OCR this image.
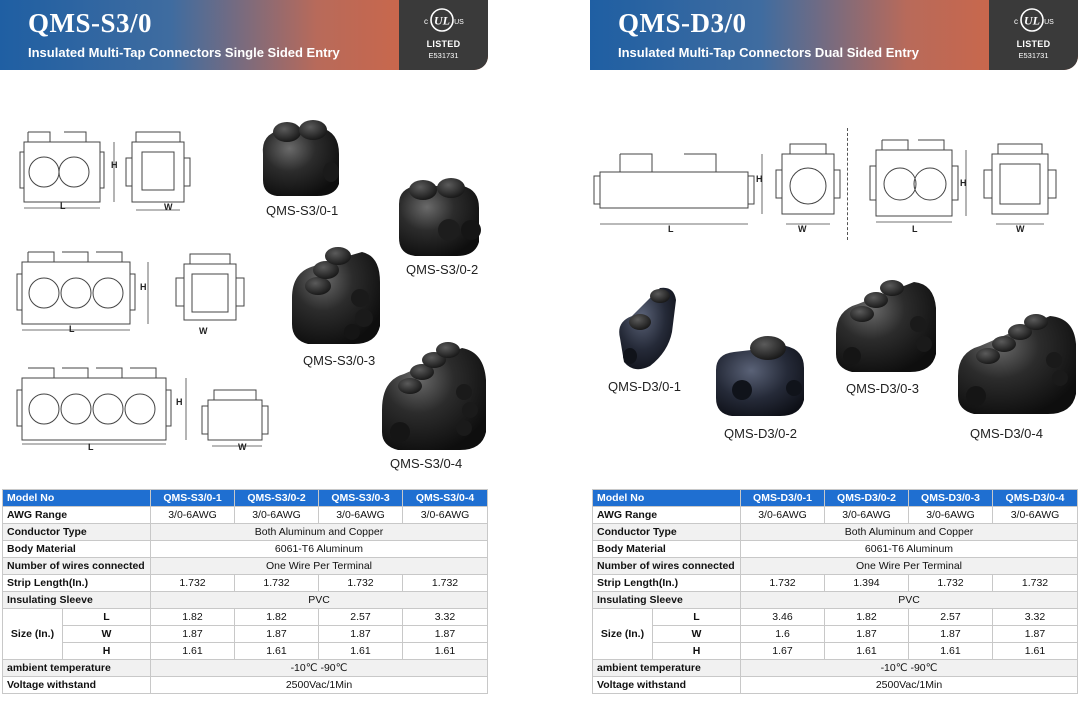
QMS-S3/0
Insulated Multi-Tap Connectors Single Sided Entry
UL
c	US
LISTED
E531731
L
H
W
L
H
W
L
H
W
QMS-S3/0-1
QMS-S3/0-2
QMS-S3/0-3
QMS-S3/0-4
Model No		QMS-S3/0-1	QMS-S3/0-2	QMS-S3/0-3	QMS-S3/0-4
AWG Range		3/0-6AWG	3/0-6AWG	3/0-6AWG	3/0-6AWG
Conductor Type		Both Aluminum and Copper			
Body Material		6061-T6 Aluminum			
Number of wires connected		One Wire Per Terminal			
Strip Length(In.)		1.732	1.732	1.732	1.732
Insulating Sleeve		PVC			
Size (In.)	L	1.82	1.82	2.57	3.32
	W	1.87	1.87	1.87	1.87
	H	1.61	1.61	1.61	1.61
ambient temperature		-10℃ -90℃			
Voltage withstand		2500Vac/1Min			
QMS-D3/0
Insulated Multi-Tap Connectors Dual Sided Entry
UL
c	US
LISTED
E531731
L
H
W	L
H
W
QMS-D3/0-1
QMS-D3/0-2
QMS-D3/0-3
QMS-D3/0-4
Model No		QMS-D3/0-1	QMS-D3/0-2	QMS-D3/0-3	QMS-D3/0-4
AWG Range		3/0-6AWG	3/0-6AWG	3/0-6AWG	3/0-6AWG
Conductor Type		Both Aluminum and Copper			
Body Material		6061-T6 Aluminum			
Number of wires connected		One Wire Per Terminal			
Strip Length(In.)		1.732	1.394	1.732	1.732
Insulating Sleeve		PVC			
Size (In.)	L	3.46	1.82	2.57	3.32
	W	1.6	1.87	1.87	1.87
	H	1.67	1.61	1.61	1.61
ambient temperature		-10℃ -90℃			
Voltage withstand		2500Vac/1Min			
